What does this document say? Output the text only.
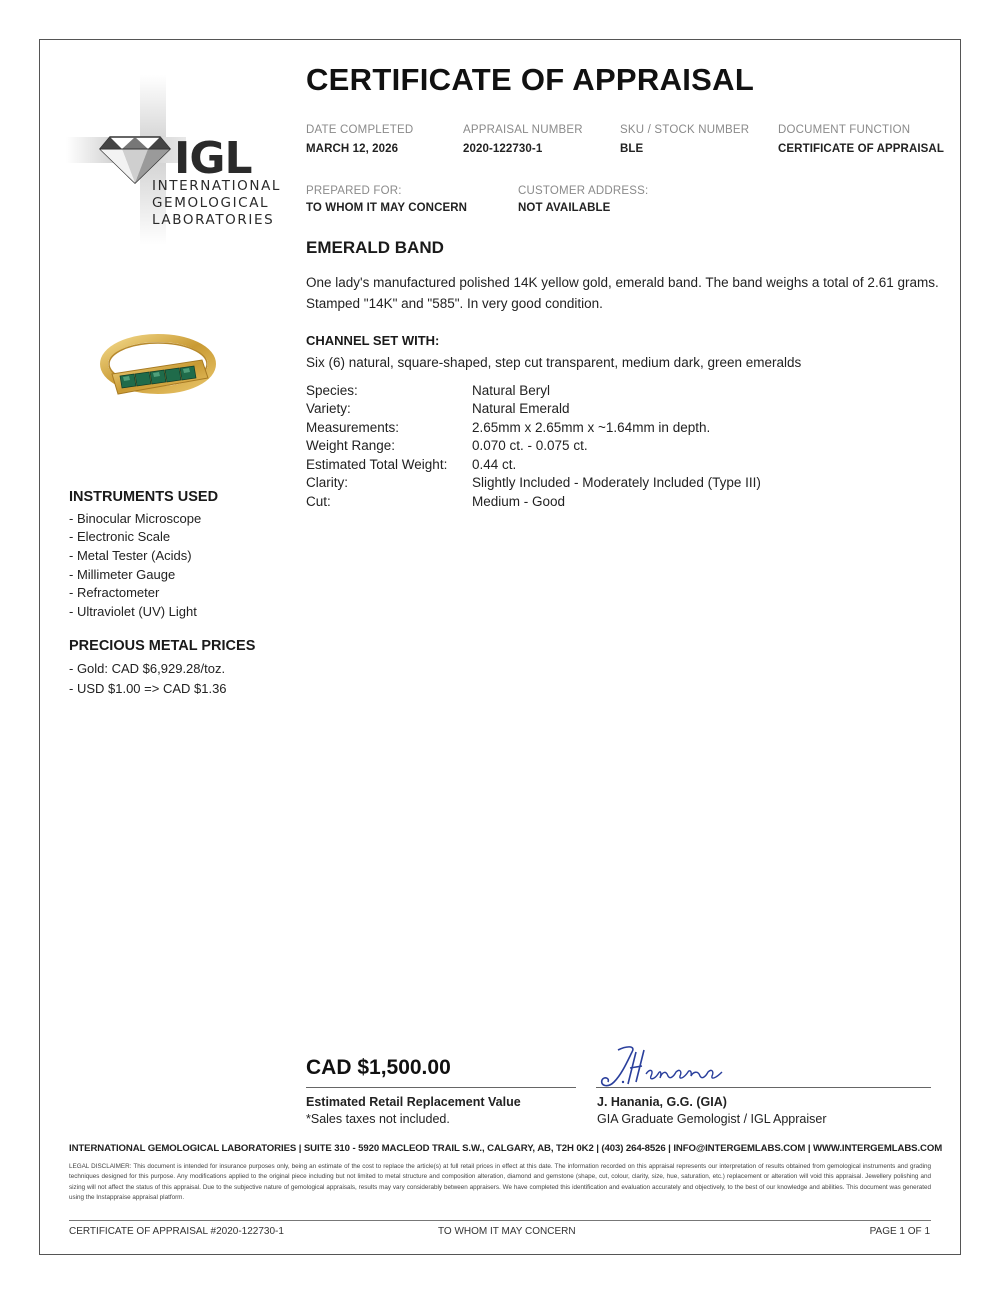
IGL
INTERNATIONAL
GEMOLOGICAL
LABORATORIES
CERTIFICATE OF APPRAISAL
DATE COMPLETED
MARCH 12, 2026
APPRAISAL NUMBER
2020-122730-1
SKU / STOCK NUMBER
BLE
DOCUMENT FUNCTION
CERTIFICATE OF APPRAISAL
PREPARED FOR:
TO WHOM IT MAY CONCERN
CUSTOMER ADDRESS:
NOT AVAILABLE
EMERALD BAND
One lady's manufactured polished 14K yellow gold, emerald band. The band weighs a total of 2.61 grams. Stamped "14K" and "585". In very good condition.
CHANNEL SET WITH:
Six (6) natural, square-shaped, step cut transparent, medium dark, green emeralds
Species:	Natural Beryl
Variety:	Natural Emerald
Measurements:	2.65mm x 2.65mm x ~1.64mm in depth.
Weight Range:	0.070 ct. - 0.075 ct.
Estimated Total Weight: 0.44 ct.
Clarity:	Slightly Included - Moderately Included (Type III)
Cut:	Medium - Good
INSTRUMENTS USED
- Binocular Microscope
- Electronic Scale
- Metal Tester (Acids)
- Millimeter Gauge
- Refractometer
- Ultraviolet (UV) Light
PRECIOUS METAL PRICES
- Gold: CAD $6,929.28/toz.
- USD $1.00 => CAD $1.36
CAD $1,500.00
Estimated Retail Replacement Value
*Sales taxes not included.
J. Hanania, G.G. (GIA)
GIA Graduate Gemologist / IGL Appraiser
INTERNATIONAL GEMOLOGICAL LABORATORIES | SUITE 310 - 5920 MACLEOD TRAIL S.W., CALGARY, AB, T2H 0K2 | (403) 264-8526 | INFO@INTERGEMLABS.COM | WWW.INTERGEMLABS.COM
LEGAL DISCLAIMER: This document is intended for insurance purposes only, being an estimate of the cost to replace the article(s) at full retail prices in effect at this date. The information recorded on this appraisal represents our interpretation of results obtained from gemological instruments and grading techniques designed for this purpose. Any modifications applied to the original piece including but not limited to metal structure and composition alteration, diamond and gemstone (shape, cut, colour, clarity, size, hue, saturation, etc.) replacement or alteration will void this appraisal. Jewellery polishing and sizing will not affect the status of this appraisal. Due to the subjective nature of gemological appraisals, results may vary considerably between appraisers. We have completed this identification and evaluation accurately and objectively, to the best of our knowledge and abilities. This document was generated using the Instappraise appraisal platform.
CERTIFICATE OF APPRAISAL #2020-122730-1	TO WHOM IT MAY CONCERN	PAGE 1 OF 1
